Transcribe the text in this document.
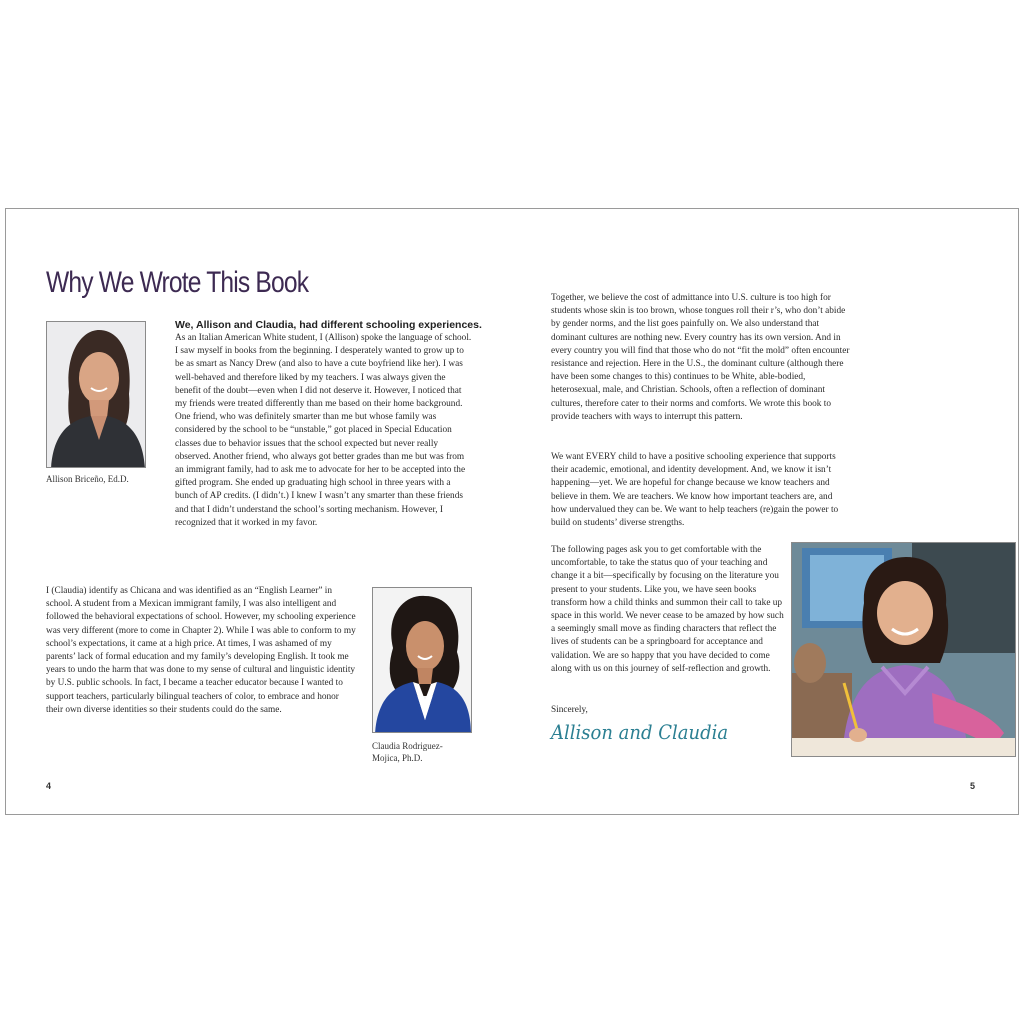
Why We Wrote This Book
Allison Briceño, Ed.D.
We, Allison and Claudia, had different schooling experiences.

As an Italian American White student, I (Allison) spoke the language of school. I saw myself in books from the beginning. I desperately wanted to grow up to be as smart as Nancy Drew (and also to have a cute boyfriend like her). I was well-behaved and therefore liked by my teachers. I was always given the benefit of the doubt—even when I did not deserve it. However, I noticed that my friends were treated differently than me based on their home background. One friend, who was definitely smarter than me but whose family was considered by the school to be “unstable,” got placed in Special Education classes due to behavior issues that the school expected but never really observed. Another friend, who always got better grades than me but was from an immigrant family, had to ask me to advocate for her to be accepted into the gifted program. She ended up graduating high school in three years with a bunch of AP credits. (I didn’t.) I knew I wasn’t any smarter than these friends and that I didn’t understand the school’s sorting mechanism. However, I recognized that it worked in my favor.

I (Claudia) identify as Chicana and was identified as an “English Learner” in school. A student from a Mexican immigrant family, I was also intelligent and followed the behavioral expectations of school. However, my schooling experience was very different (more to come in Chapter 2). While I was able to conform to my school’s expectations, it came at a high price. At times, I was ashamed of my parents’ lack of formal education and my family’s developing English. It took me years to undo the harm that was done to my sense of cultural and linguistic identity by U.S. public schools. In fact, I became a teacher educator because I wanted to support teachers, particularly bilingual teachers of color, to embrace and honor their own diverse identities so their students could do the same.

Claudia Rodriguez-Mojica, Ph.D.
4

Together, we believe the cost of admittance into U.S. culture is too high for students whose skin is too brown, whose tongues roll their r’s, who don’t abide by gender norms, and the list goes painfully on. We also understand that dominant cultures are nothing new. Every country has its own version. And in every country you will find that those who do not “fit the mold” often encounter resistance and rejection. Here in the U.S., the dominant culture (although there have been some changes to this) continues to be White, able-bodied, heterosexual, male, and Christian. Schools, often a reflection of dominant cultures, therefore cater to their norms and comforts. We wrote this book to provide teachers with ways to interrupt this pattern.

We want EVERY child to have a positive schooling experience that supports their academic, emotional, and identity development. And, we know it isn’t happening—yet. We are hopeful for change because we know teachers and believe in them. We are teachers. We know how important teachers are, and how undervalued they can be. We want to help teachers (re)gain the power to build on students’ diverse strengths.

The following pages ask you to get comfortable with the uncomfortable, to take the status quo of your teaching and change it a bit—specifically by focusing on the literature you present to your students. Like you, we have seen books transform how a child thinks and summon their call to take up space in this world. We never cease to be amazed by how such a seemingly small move as finding characters that reflect the lives of students can be a springboard for acceptance and validation. We are so happy that you have decided to come along with us on this journey of self-reflection and growth.

Sincerely,
Allison and Claudia
5
